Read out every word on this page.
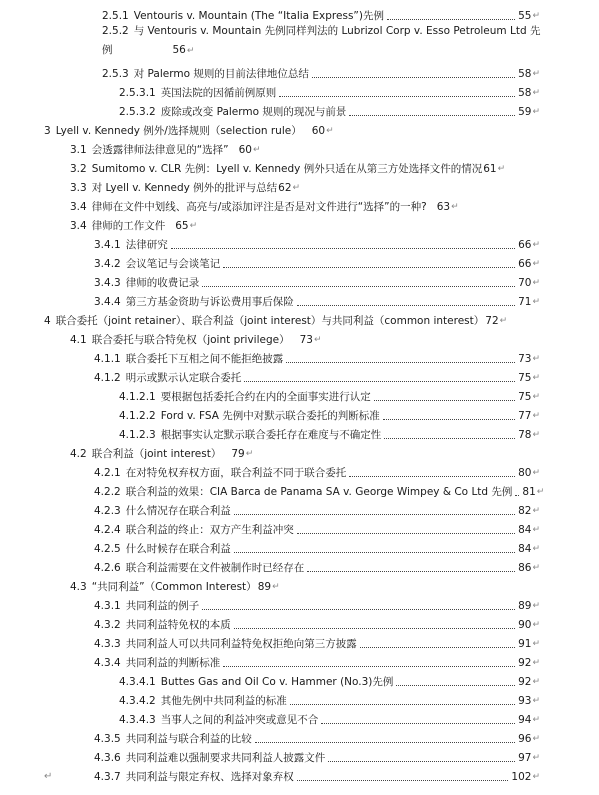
2.5.1 Ventouris v. Mountain (The “Italia Express”)先例	55 ↵
2.5.2 与 Ventouris v. Mountain 先例同样判法的 Lubrizol Corp v. Esso Petroleum Ltd 先例	56↵
2.5.3 对 Palermo 规则的目前法律地位总结	58 ↵
2.5.3.1 英国法院的因循前例原则	58 ↵
2.5.3.2 废除或改变 Palermo 规则的现况与前景	59 ↵
3 Lyell v. Kennedy 例外/选择规则（selection rule） 60 ↵
3.1 会透露律师法律意见的“选择” 60 ↵
3.2 Sumitomo v. CLR 先例：Lyell v. Kennedy 例外只适在从第三方处选择文件的情况 61 ↵
3.3 对 Lyell v. Kennedy 例外的批评与总结 62 ↵
3.4 律师在文件中划线、高亮与/或添加评注是否是对文件进行“选择”的一种? 63 ↵
3.4 律师的工作文件 65 ↵
3.4.1 法律研究	66 ↵
3.4.2 会议笔记与会谈笔记	66 ↵
3.4.3 律师的收费记录	70 ↵
3.4.4 第三方基金资助与诉讼费用事后保险	71 ↵
4 联合委托（joint retainer）、联合利益（joint interest）与共同利益（common interest） 72 ↵
4.1 联合委托与联合特免权（joint privilege） 73 ↵
4.1.1 联合委托下互相之间不能拒绝披露	73 ↵
4.1.2 明示或默示认定联合委托	75 ↵
4.1.2.1 要根据包括委托合约在内的全面事实进行认定	75 ↵
4.1.2.2 Ford v. FSA 先例中对默示联合委托的判断标准	77 ↵
4.1.2.3 根据事实认定默示联合委托存在难度与不确定性	78 ↵
4.2 联合利益（joint interest） 79 ↵
4.2.1 在对特免权弃权方面，联合利益不同于联合委托	80 ↵
4.2.2 联合利益的效果：CIA Barca de Panama SA v. George Wimpey & Co Ltd 先例 81 ↵
4.2.3 什么情况存在联合利益	82 ↵
4.2.4 联合利益的终止：双方产生利益冲突	84 ↵
4.2.5 什么时候存在联合利益	84 ↵
4.2.6 联合利益需要在文件被制作时已经存在	86 ↵
4.3 “共同利益”（Common Interest） 89 ↵
4.3.1 共同利益的例子	89 ↵
4.3.2 共同利益特免权的本质	90 ↵
4.3.3 共同利益人可以共同利益特免权拒绝向第三方披露	91 ↵
4.3.4 共同利益的判断标准	92 ↵
4.3.4.1 Buttes Gas and Oil Co v. Hammer (No.3)先例	92 ↵
4.3.4.2 其他先例中共同利益的标准	93 ↵
4.3.4.3 当事人之间的利益冲突或意见不合	94 ↵
4.3.5 共同利益与联合利益的比较	96 ↵
4.3.6 共同利益难以强制要求共同利益人披露文件	97 ↵
4.3.7 共同利益与限定弃权、选择对象弃权	102 ↵
↵
